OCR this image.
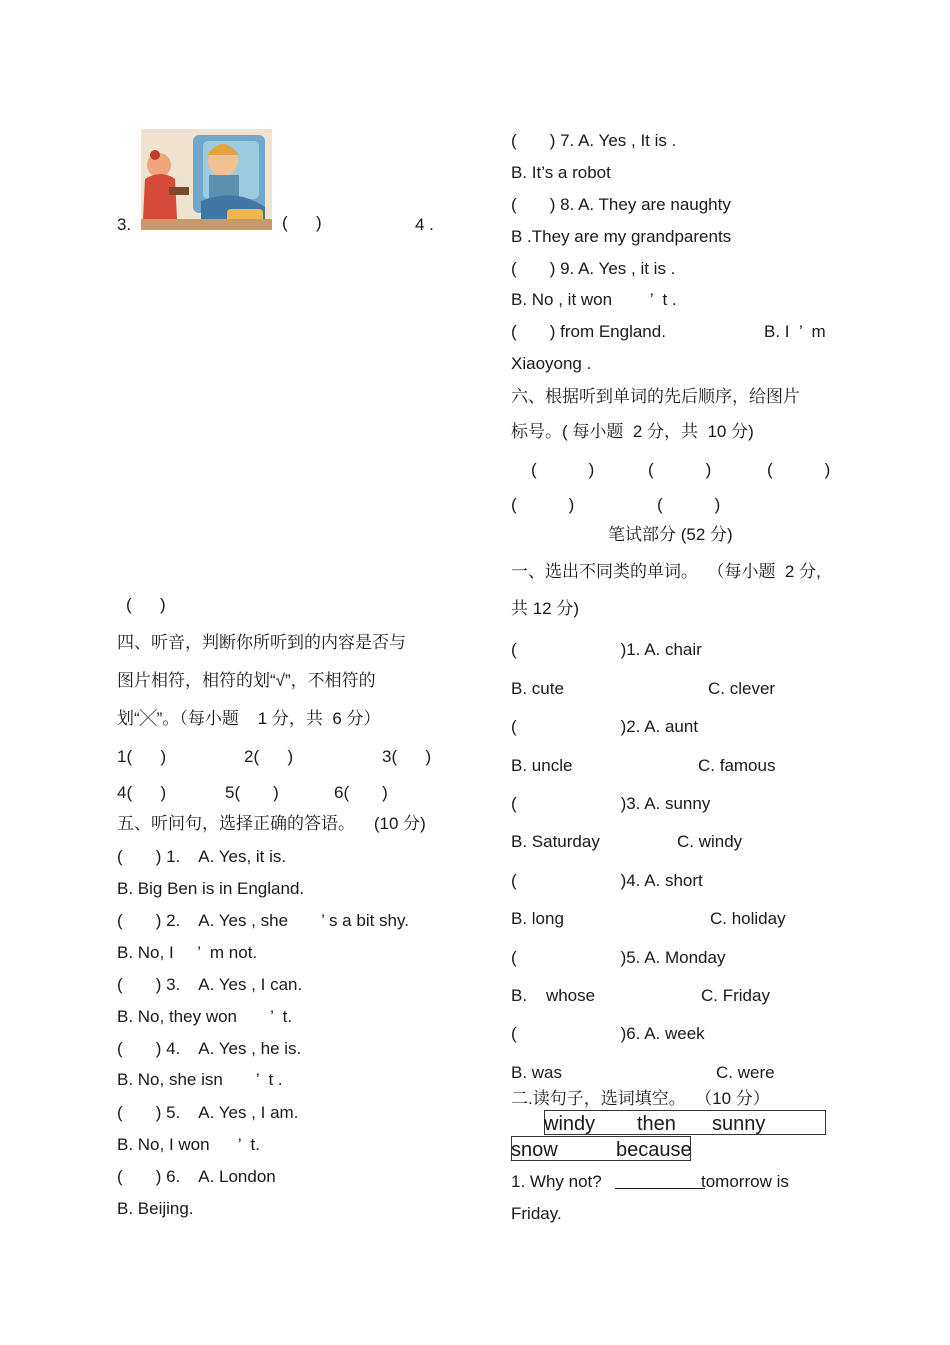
3.	(      )	4 .
(      )
四、听音，判断你所听到的内容是否与
图片相符，相符的划“√”，不相符的
划“╳”。（每小题    1 分，共  6 分）
1(      )	2(      )	3(      )
4(      )	5(       )	6(       )
五、听问句，选择正确的答语。    (10 分)
(       ) 1.    A. Yes, it is.
B. Big Ben is in England.
(       ) 2.    A. Yes , she       ’ s a bit shy.
B. No, I     ’  m not.
(       ) 3.    A. Yes , I can.
B. No, they won       ’  t.
(       ) 4.    A. Yes , he is.
B. No, she isn       ’  t .
(       ) 5.    A. Yes , I am.
B. No, I won      ’  t.
(       ) 6.    A. London
B. Beijing.
(       ) 7. A. Yes , It is .
B. It’s a robot
(       ) 8. A. They are naughty
B .They are my grandparents
(       ) 9. A. Yes , it is .
B. No , it won        ’  t .
(       ) from England.	B. I  ’  m
Xiaoyong .
六、根据听到单词的先后顺序，给图片
标号。( 每小题  2 分，共  10 分)
(           )	(           )	(           )
(           )	(           )
笔试部分 (52 分)
一、选出不同类的单词。  （每小题  2 分,
共 12 分)
(                      )1. A. chair
B. cute	C. clever
(                      )2. A. aunt
B. uncle	C. famous
(                      )3. A. sunny
B. Saturday	C. windy
(                      )4. A. short
B. long	C. holiday
(                      )5. A. Monday
B.    whose	C. Friday
(                      )6. A. week
B. was	C. were
二.读句子，选词填空。  （10 分）
windy then sunny
snow	because
1. Why not?	tomorrow is
Friday.
